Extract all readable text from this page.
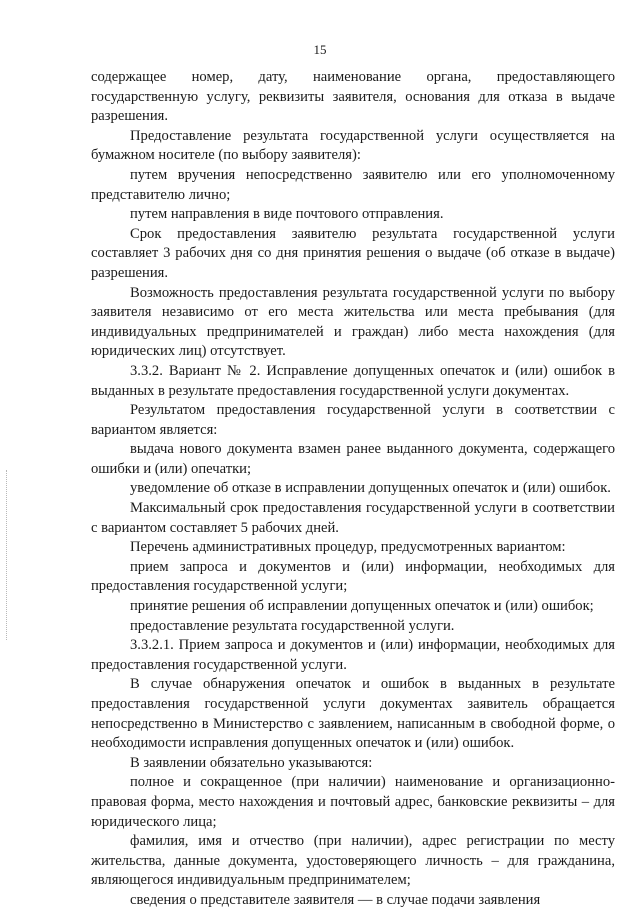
15

содержащее номер, дату, наименование органа, предоставляющего государственную услугу, реквизиты заявителя, основания для отказа в выдаче разрешения.

Предоставление результата государственной услуги осуществляется на бумажном носителе (по выбору заявителя):

путем вручения непосредственно заявителю или его уполномоченному представителю лично;

путем направления в виде почтового отправления.

Срок предоставления заявителю результата государственной услуги составляет 3 рабочих дня со дня принятия решения о выдаче (об отказе в выдаче) разрешения.

Возможность предоставления результата государственной услуги по выбору заявителя независимо от его места жительства или места пребывания (для индивидуальных предпринимателей и граждан) либо места нахождения (для юридических лиц) отсутствует.

3.3.2. Вариант № 2. Исправление допущенных опечаток и (или) ошибок в выданных в результате предоставления государственной услуги документах.

Результатом предоставления государственной услуги в соответствии с вариантом является:

выдача нового документа взамен ранее выданного документа, содержащего ошибки и (или) опечатки;

уведомление об отказе в исправлении допущенных опечаток и (или) ошибок.

Максимальный срок предоставления государственной услуги в соответствии с вариантом составляет 5 рабочих дней.

Перечень административных процедур, предусмотренных вариантом:

прием запроса и документов и (или) информации, необходимых для предоставления государственной услуги;

принятие решения об исправлении допущенных опечаток и (или) ошибок;

предоставление результата государственной услуги.

3.3.2.1. Прием запроса и документов и (или) информации, необходимых для предоставления государственной услуги.

В случае обнаружения опечаток и ошибок в выданных в результате предоставления государственной услуги документах заявитель обращается непосредственно в Министерство с заявлением, написанным в свободной форме, о необходимости исправления допущенных опечаток и (или) ошибок.

В заявлении обязательно указываются:

полное и сокращенное (при наличии) наименование и организационно-правовая форма, место нахождения и почтовый адрес, банковские реквизиты – для юридического лица;

фамилия, имя и отчество (при наличии), адрес регистрации по месту жительства, данные документа, удостоверяющего личность – для гражданина, являющегося индивидуальным предпринимателем;

сведения о представителе заявителя — в случае подачи заявления
